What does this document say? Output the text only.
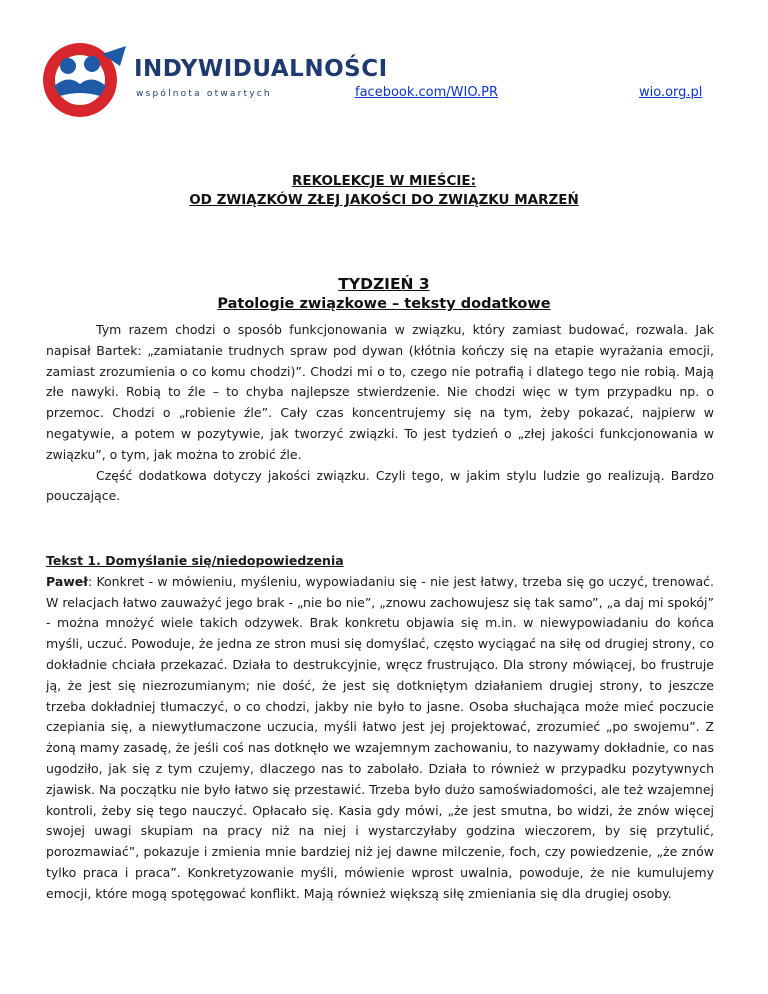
INDYWIDUALNOŚCI
wspólnota otwartych	facebook.com/WIO.PR	wio.org.pl
REKOLEKCJE W MIEŚCIE:
OD ZWIĄZKÓW ZŁEJ JAKOŚCI DO ZWIĄZKU MARZEŃ
TYDZIEŃ 3
Patologie związkowe – teksty dodatkowe

Tym razem chodzi o sposób funkcjonowania w związku, który zamiast budować, rozwala. Jak napisał Bartek: „zamiatanie trudnych spraw pod dywan (kłótnia kończy się na etapie wyrażania emocji, zamiast zrozumienia o co komu chodzi)”. Chodzi mi o to, czego nie potrafią i dlatego tego nie robią. Mają złe nawyki. Robią to źle – to chyba najlepsze stwierdzenie. Nie chodzi więc w tym przypadku np. o przemoc. Chodzi o „robienie źle”. Cały czas koncentrujemy się na tym, żeby pokazać, najpierw w negatywie, a potem w pozytywie, jak tworzyć związki. To jest tydzień o „złej jakości funkcjonowania w związku”, o tym, jak można to zrobić źle.

Część dodatkowa dotyczy jakości związku. Czyli tego, w jakim stylu ludzie go realizują. Bardzo pouczające.

Tekst 1. Domyślanie się/niedopowiedzenia

Paweł: Konkret - w mówieniu, myśleniu, wypowiadaniu się - nie jest łatwy, trzeba się go uczyć, trenować. W relacjach łatwo zauważyć jego brak - „nie bo nie”, „znowu zachowujesz się tak samo”, „a daj mi spokój” - można mnożyć wiele takich odzywek. Brak konkretu objawia się m.in. w niewypowiadaniu do końca myśli, uczuć. Powoduje, że jedna ze stron musi się domyślać, często wyciągać na siłę od drugiej strony, co dokładnie chciała przekazać. Działa to destrukcyjnie, wręcz frustrująco. Dla strony mówiącej, bo frustruje ją, że jest się niezrozumianym; nie dość, że jest się dotkniętym działaniem drugiej strony, to jeszcze trzeba dokładniej tłumaczyć, o co chodzi, jakby nie było to jasne. Osoba słuchająca może mieć poczucie czepiania się, a niewytłumaczone uczucia, myśli łatwo jest jej projektować, zrozumieć „po swojemu”. Z żoną mamy zasadę, że jeśli coś nas dotknęło we wzajemnym zachowaniu, to nazywamy dokładnie, co nas ugodziło, jak się z tym czujemy, dlaczego nas to zabolało. Działa to również w przypadku pozytywnych zjawisk. Na początku nie było łatwo się przestawić. Trzeba było dużo samoświadomości, ale też wzajemnej kontroli, żeby się tego nauczyć. Opłacało się. Kasia gdy mówi, „że jest smutna, bo widzi, że znów więcej swojej uwagi skupiam na pracy niż na niej i wystarczyłaby godzina wieczorem, by się przytulić, porozmawiać”, pokazuje i zmienia mnie bardziej niż jej dawne milczenie, foch, czy powiedzenie, „że znów tylko praca i praca”. Konkretyzowanie myśli, mówienie wprost uwalnia, powoduje, że nie kumulujemy emocji, które mogą spotęgować konflikt. Mają również większą siłę zmieniania się dla drugiej osoby.
